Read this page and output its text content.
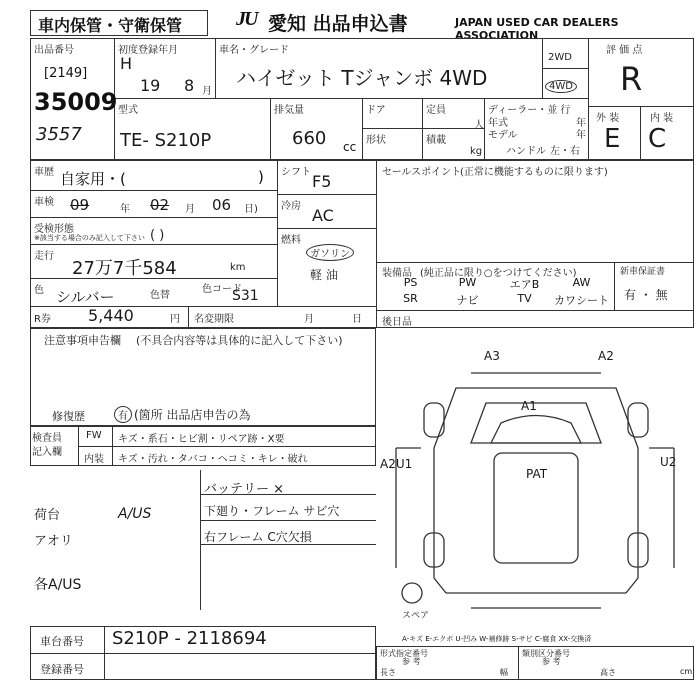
車内保管・守衛保管	JU 愛知 出品申込書	JAPAN USED CAR DEALERS ASSOCIATION
出品番号
[2149]
35009
3557
初度登録年月
H
19 8 月
車名・グレード
ハイゼット Tジャンボ 4WD
2WD
4WD
評 価 点
R
型式
TE- S210P
排気量
660 cc
ドア
形状
定員
人
積載
kg
ディーラー・並 行
年式	年
モデル	年
ハンドル 左・右
外 装	内 装
E C
車歴 自家用・(	)
車検 09	年 02 月 06 日)
受検形態
※該当する場合のみ記入して下さい ( )
走行
27万7千584	km
色 シルバー	色替
色コード
S31
R券 5,440	円 名変期限	月	日
シフト F5
冷房 AC
燃料
ガソリン
軽 油
セールスポイント
(正常に機能するものに限ります)
装備品 (純正品に限り○をつけてください)
PS	PW	エアB	AW
SR	ナビ	TV	カワシート
新車保証書
有 ・ 無
後日品
注意事項申告欄 (不具合内容等は具体的に記入して下さい)
修復歴	有 (箇所 出品店申告の為
検査員
記入欄
FW キズ・系石・ヒビ割・リペア跡・X要
内装 キズ・汚れ・タバコ・ヘコミ・キレ・破れ
バッテリー ×
下廻り・フレーム サビ穴
右フレーム C穴欠損
荷台	A/US
アオリ
各A/US
A3	A2
A1
A2U1
PAT
U2
スペア
車台番号 S210P - 2118694
登録番号
A-キズ E-エクボ U-凹み W-補修跡 S-サビ C-腐食 XX-交換済
形式指定番号	類別区分番号
参 考	参 考
長さ	幅	高さ	cm
